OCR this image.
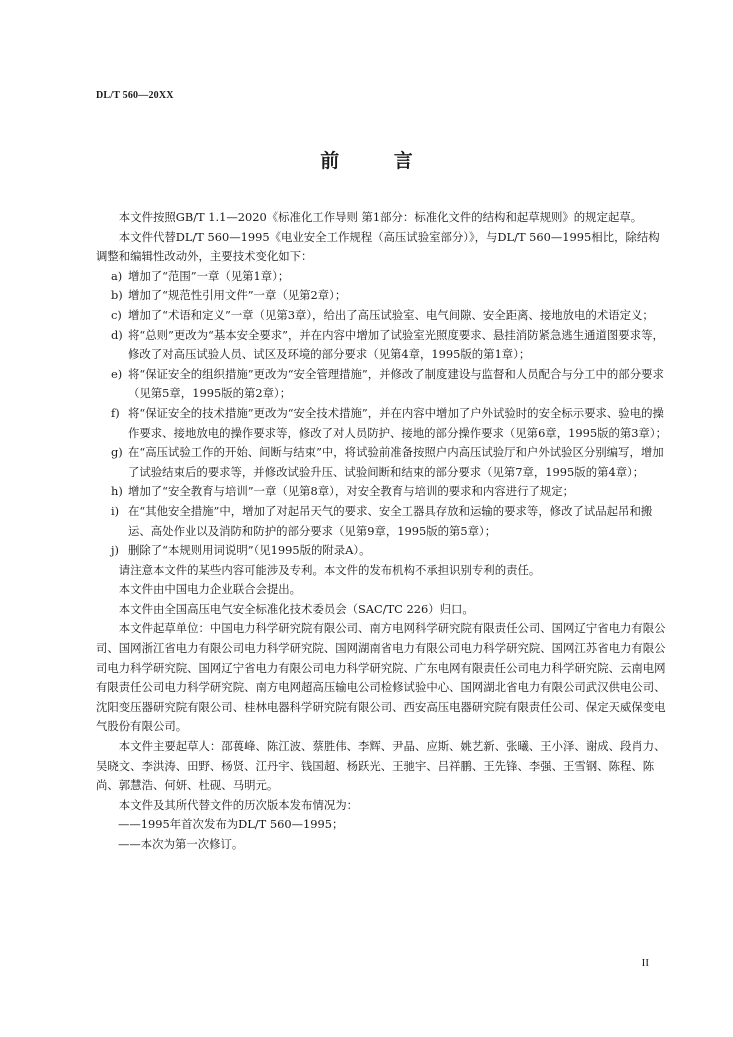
DL/T 560—20XX
前 言

本文件按照GB/T 1.1—2020《标准化工作导则 第1部分：标准化文件的结构和起草规则》的规定起草。

本文件代替DL/T 560—1995《电业安全工作规程（高压试验室部分）》，与DL/T 560—1995相比，除结构调整和编辑性改动外，主要技术变化如下：

a) 增加了“范围”一章（见第1章）；

b) 增加了“规范性引用文件”一章（见第2章）；

c) 增加了“术语和定义”一章（见第3章），给出了高压试验室、电气间隙、安全距离、接地放电的术语定义；

d) 将“总则”更改为“基本安全要求”，并在内容中增加了试验室光照度要求、悬挂消防紧急逃生通道图要求等，修改了对高压试验人员、试区及环境的部分要求（见第4章，1995版的第1章）；

e) 将“保证安全的组织措施”更改为“安全管理措施”，并修改了制度建设与监督和人员配合与分工中的部分要求（见第5章，1995版的第2章）；

f) 将“保证安全的技术措施”更改为“安全技术措施”，并在内容中增加了户外试验时的安全标示要求、验电的操作要求、接地放电的操作要求等，修改了对人员防护、接地的部分操作要求（见第6章，1995版的第3章）；

g) 在“高压试验工作的开始、间断与结束”中，将试验前准备按照户内高压试验厅和户外试验区分别编写，增加了试验结束后的要求等，并修改试验升压、试验间断和结束的部分要求（见第7章，1995版的第4章）；

h) 增加了“安全教育与培训”一章（见第8章），对安全教育与培训的要求和内容进行了规定；

i) 在“其他安全措施”中，增加了对起吊天气的要求、安全工器具存放和运输的要求等，修改了试品起吊和搬运、高处作业以及消防和防护的部分要求（见第9章，1995版的第5章）；

j) 删除了“本规则用词说明”（见1995版的附录A）。

请注意本文件的某些内容可能涉及专利。本文件的发布机构不承担识别专利的责任。

本文件由中国电力企业联合会提出。

本文件由全国高压电气安全标准化技术委员会（SAC/TC 226）归口。

本文件起草单位：中国电力科学研究院有限公司、南方电网科学研究院有限责任公司、国网辽宁省电力有限公司、国网浙江省电力有限公司电力科学研究院、国网湖南省电力有限公司电力科学研究院、国网江苏省电力有限公司电力科学研究院、国网辽宁省电力有限公司电力科学研究院、广东电网有限责任公司电力科学研究院、云南电网有限责任公司电力科学研究院、南方电网超高压输电公司检修试验中心、国网湖北省电力有限公司武汉供电公司、沈阳变压器研究院有限公司、桂林电器科学研究院有限公司、西安高压电器研究院有限责任公司、保定天威保变电气股份有限公司。

本文件主要起草人：邵葨峰、陈江波、蔡胜伟、李辉、尹晶、应斯、姚艺新、张曦、王小泽、谢成、段肖力、吴晓文、李洪涛、田野、杨贤、江丹宇、钱国超、杨跃光、王驰宇、吕祥鹏、王先锋、李强、王雪钢、陈程、陈尚、郭慧浩、何妍、杜砚、马明元。

本文件及其所代替文件的历次版本发布情况为：

——1995年首次发布为DL/T 560—1995；

——本次为第一次修订。

II
